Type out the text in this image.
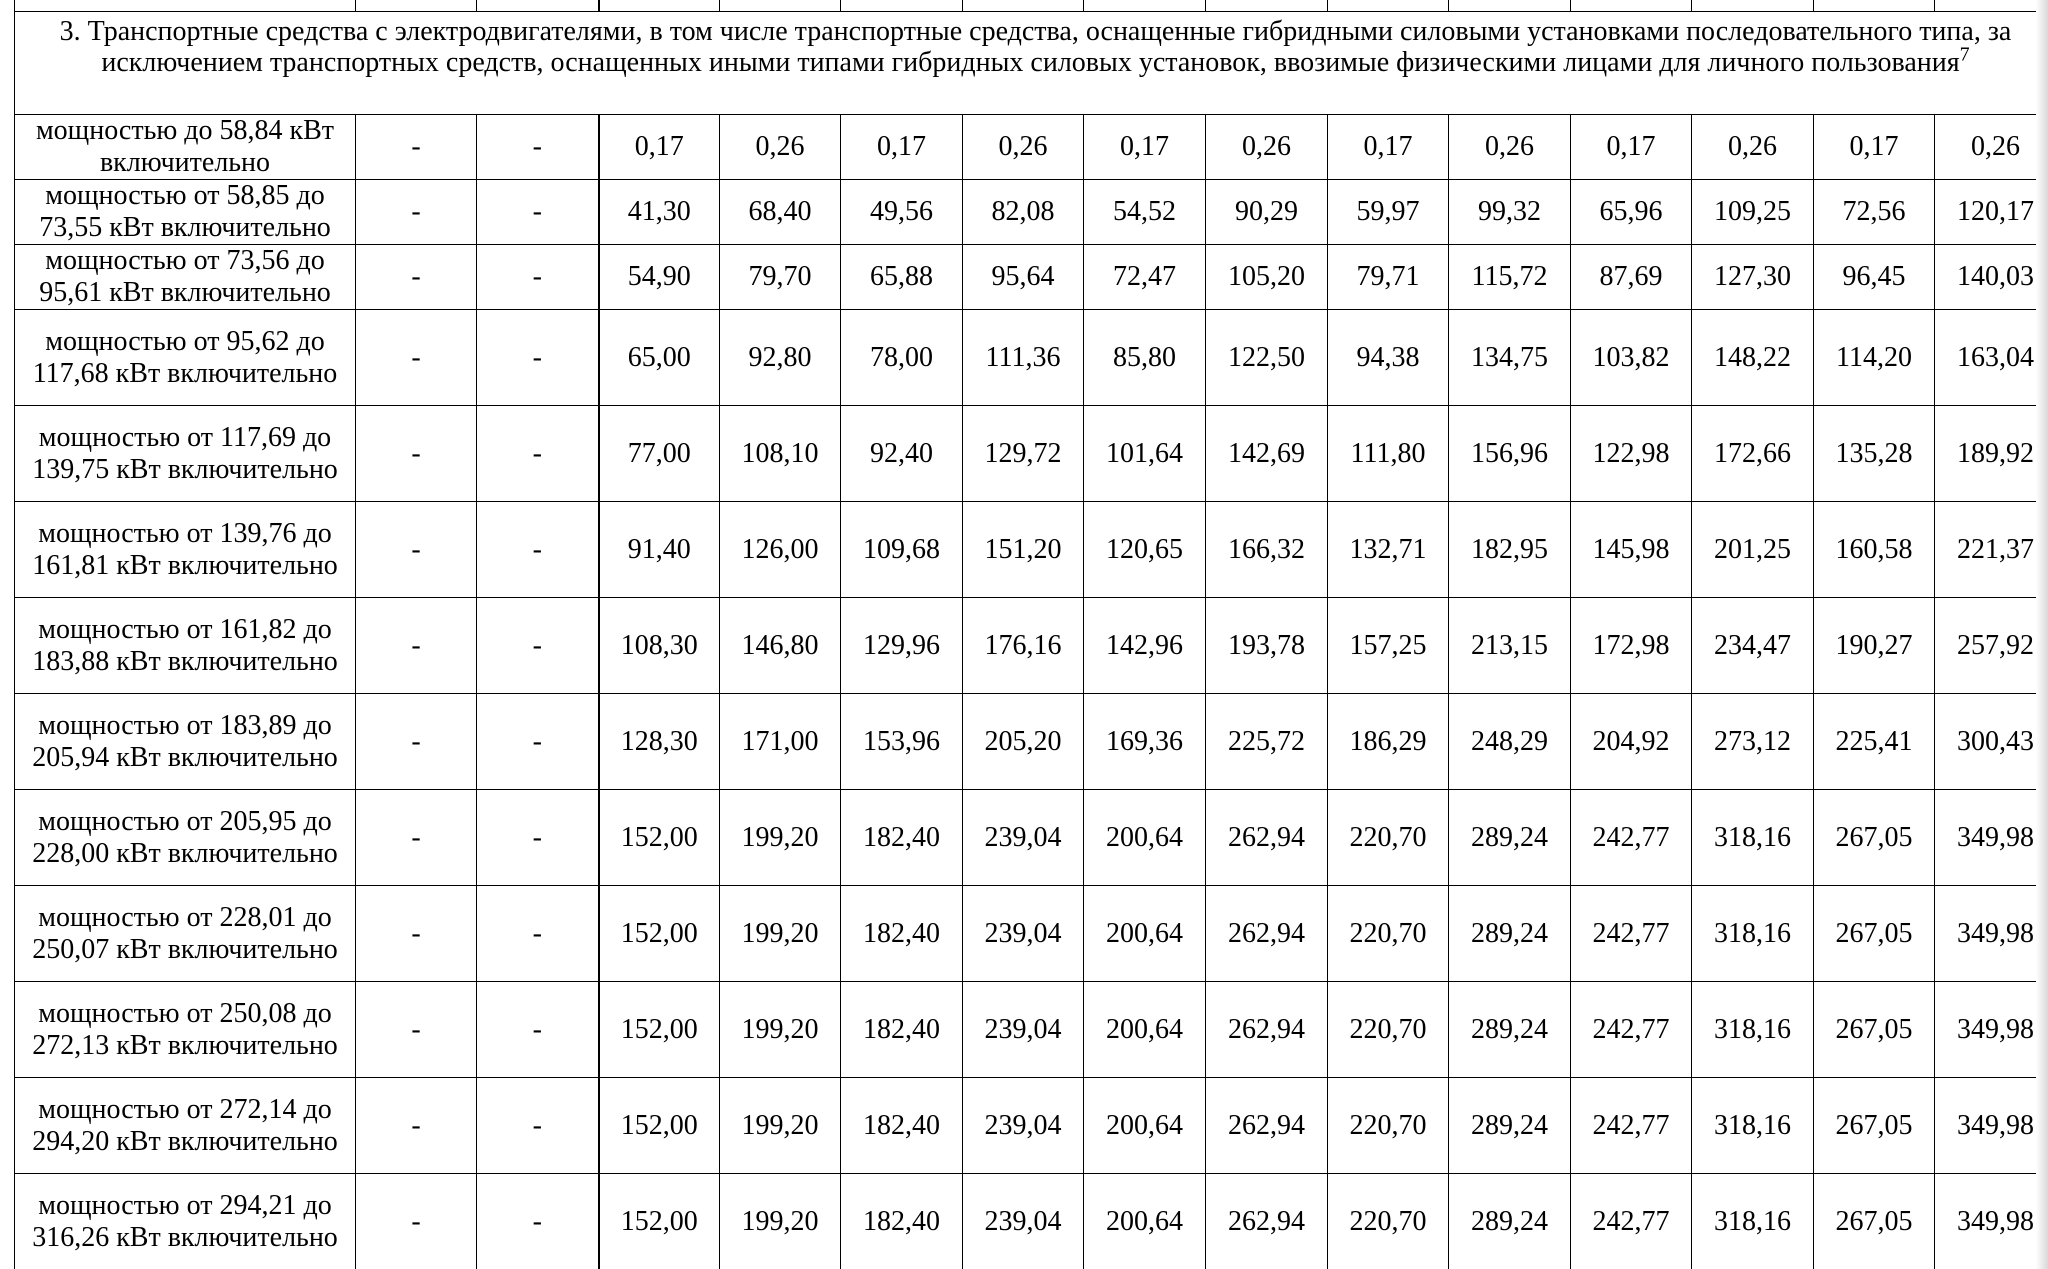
3. Транспортные средства с электродвигателями, в том числе транспортные средства, оснащенные гибридными силовыми установками последовательного типа, за исключением транспортных средств, оснащенных иными типами гибридных силовых установок, ввозимые физическими лицами для личного пользования$^7$
мощностью до 58,84 кВт включительно	-	-	0,17	0,26	0,17	0,26	0,17	0,26	0,17	0,26	0,17	0,26	0,17	0,26
мощностью от 58,85 до 73,55 кВт включительно	-	-	41,30	68,40	49,56	82,08	54,52	90,29	59,97	99,32	65,96	109,25	72,56	120,17
мощностью от 73,56 до 95,61 кВт включительно	-	-	54,90	79,70	65,88	95,64	72,47	105,20	79,71	115,72	87,69	127,30	96,45	140,03
мощностью от 95,62 до 117,68 кВт включительно	-	-	65,00	92,80	78,00	111,36	85,80	122,50	94,38	134,75	103,82	148,22	114,20	163,04
мощностью от 117,69 до 139,75 кВт включительно	-	-	77,00	108,10	92,40	129,72	101,64	142,69	111,80	156,96	122,98	172,66	135,28	189,92
мощностью от 139,76 до 161,81 кВт включительно	-	-	91,40	126,00	109,68	151,20	120,65	166,32	132,71	182,95	145,98	201,25	160,58	221,37
мощностью от 161,82 до 183,88 кВт включительно	-	-	108,30	146,80	129,96	176,16	142,96	193,78	157,25	213,15	172,98	234,47	190,27	257,92
мощностью от 183,89 до 205,94 кВт включительно	-	-	128,30	171,00	153,96	205,20	169,36	225,72	186,29	248,29	204,92	273,12	225,41	300,43
мощностью от 205,95 до 228,00 кВт включительно	-	-	152,00	199,20	182,40	239,04	200,64	262,94	220,70	289,24	242,77	318,16	267,05	349,98
мощностью от 228,01 до 250,07 кВт включительно	-	-	152,00	199,20	182,40	239,04	200,64	262,94	220,70	289,24	242,77	318,16	267,05	349,98
мощностью от 250,08 до 272,13 кВт включительно	-	-	152,00	199,20	182,40	239,04	200,64	262,94	220,70	289,24	242,77	318,16	267,05	349,98
мощностью от 272,14 до 294,20 кВт включительно	-	-	152,00	199,20	182,40	239,04	200,64	262,94	220,70	289,24	242,77	318,16	267,05	349,98
мощностью от 294,21 до 316,26 кВт включительно	-	-	152,00	199,20	182,40	239,04	200,64	262,94	220,70	289,24	242,77	318,16	267,05	349,98
